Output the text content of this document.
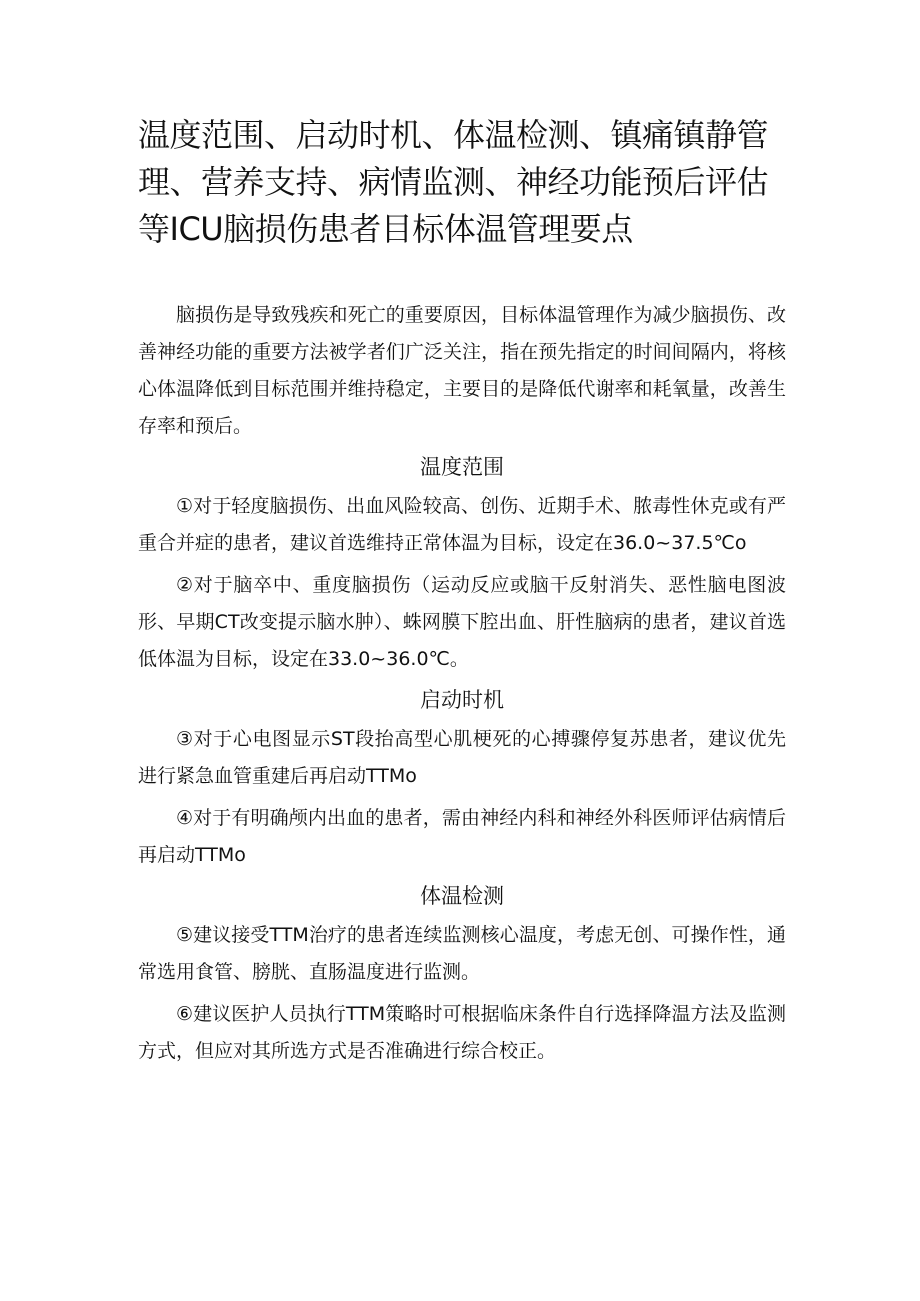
温度范围、启动时机、体温检测、镇痛镇静管理、营养支持、病情监测、神经功能预后评估等ICU脑损伤患者目标体温管理要点

脑损伤是导致残疾和死亡的重要原因，目标体温管理作为减少脑损伤、改善神经功能的重要方法被学者们广泛关注，指在预先指定的时间间隔内，将核心体温降低到目标范围并维持稳定，主要目的是降低代谢率和耗氧量，改善生存率和预后。

温度范围

①对于轻度脑损伤、出血风险较高、创伤、近期手术、脓毒性休克或有严重合并症的患者，建议首选维持正常体温为目标，设定在36.0~37.5℃o

②对于脑卒中、重度脑损伤（运动反应或脑干反射消失、恶性脑电图波形、早期CT改变提示脑水肿）、蛛网膜下腔出血、肝性脑病的患者，建议首选低体温为目标，设定在33.0~36.0℃。

启动时机

③对于心电图显示ST段抬高型心肌梗死的心搏骤停复苏患者，建议优先进行紧急血管重建后再启动TTMo

④对于有明确颅内出血的患者，需由神经内科和神经外科医师评估病情后再启动TTMo

体温检测

⑤建议接受TTM治疗的患者连续监测核心温度，考虑无创、可操作性，通常选用食管、膀胱、直肠温度进行监测。

⑥建议医护人员执行TTM策略时可根据临床条件自行选择降温方法及监测方式，但应对其所选方式是否准确进行综合校正。
